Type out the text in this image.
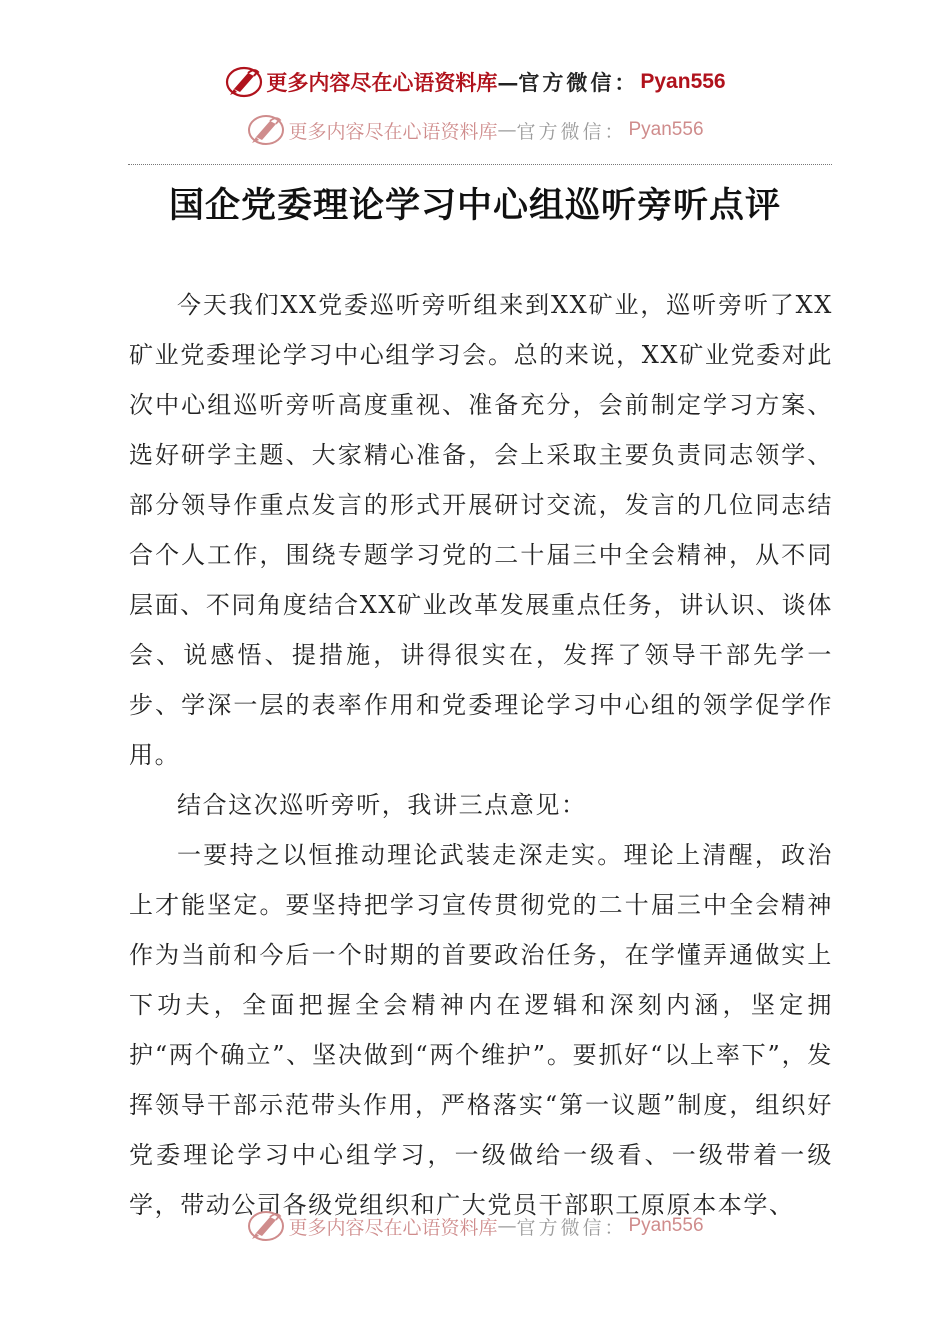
更多内容尽在心语资料库 — 官方微信： Pyan556
更多内容尽在心语资料库 — 官方微信： Pyan556
国企党委理论学习中心组巡听旁听点评

今天我们XX党委巡听旁听组来到XX矿业，巡听旁听了XX矿业党委理论学习中心组学习会。总的来说，XX矿业党委对此次中心组巡听旁听高度重视、准备充分，会前制定学习方案、选好研学主题、大家精心准备，会上采取主要负责同志领学、部分领导作重点发言的形式开展研讨交流，发言的几位同志结合个人工作，围绕专题学习党的二十届三中全会精神，从不同层面、不同角度结合XX矿业改革发展重点任务，讲认识、谈体会、说感悟、提措施，讲得很实在，发挥了领导干部先学一步、学深一层的表率作用和党委理论学习中心组的领学促学作用。

结合这次巡听旁听，我讲三点意见：

一要持之以恒推动理论武装走深走实。理论上清醒，政治上才能坚定。要坚持把学习宣传贯彻党的二十届三中全会精神作为当前和今后一个时期的首要政治任务，在学懂弄通做实上下功夫，全面把握全会精神内在逻辑和深刻内涵，坚定拥护“两个确立”、坚决做到“两个维护”。要抓好“以上率下”，发挥领导干部示范带头作用，严格落实“第一议题”制度，组织好党委理论学习中心组学习，一级做给一级看、一级带着一级学，带动公司各级党组织和广大党员干部职工原原本本学、

更多内容尽在心语资料库 — 官方微信： Pyan556
